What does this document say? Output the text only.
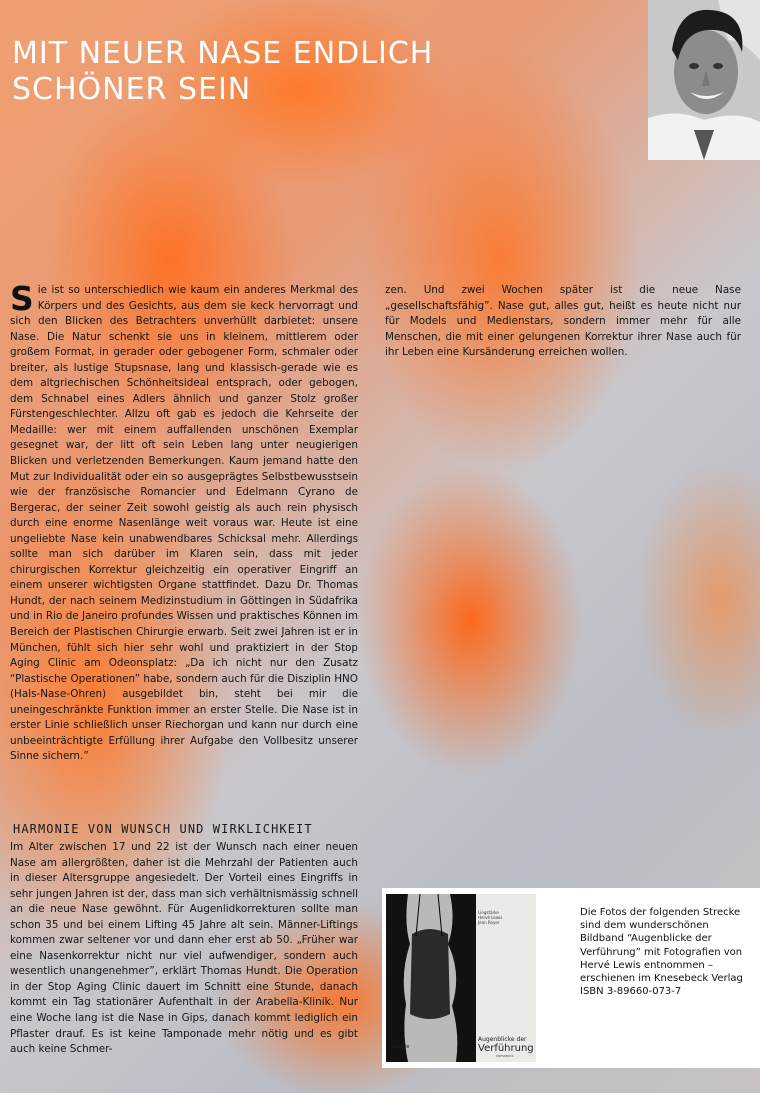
MIT NEUER NASE ENDLICH
SCHÖNER SEIN
Sie ist so unterschiedlich wie kaum ein anderes Merkmal des Körpers und des Gesichts, aus dem sie keck hervorragt und sich den Blicken des Betrachters unverhüllt darbietet: unsere Nase. Die Natur schenkt sie uns in kleinem, mittlerem oder großem Format, in gerader oder gebogener Form, schmaler oder breiter, als lustige Stupsnase, lang und klassisch-gerade wie es dem altgriechischen Schönheitsideal entsprach, oder gebogen, dem Schnabel eines Adlers ähnlich und ganzer Stolz großer Fürstengeschlechter. Allzu oft gab es jedoch die Kehrseite der Medaille: wer mit einem auffallenden unschönen Exemplar gesegnet war, der litt oft sein Leben lang unter neugierigen Blicken und verletzenden Bemerkungen. Kaum jemand hatte den Mut zur Individualität oder ein so ausgeprägtes Selbstbewusstsein wie der französische Romancier und Edelmann Cyrano de Bergerac, der seiner Zeit sowohl geistig als auch rein physisch durch eine enorme Nasenlänge weit voraus war. Heute ist eine ungeliebte Nase kein unabwendbares Schicksal mehr. Allerdings sollte man sich darüber im Klaren sein, dass mit jeder chirurgischen Korrektur gleichzeitig ein operativer Eingriff an einem unserer wichtigsten Organe stattfindet. Dazu Dr. Thomas Hundt, der nach seinem Medizinstudium in Göttingen in Südafrika und in Rio de Janeiro profundes Wissen und praktisches Können im Bereich der Plastischen Chirurgie erwarb. Seit zwei Jahren ist er in München, fühlt sich hier sehr wohl und praktiziert in der Stop Aging Clinic am Odeonsplatz: „Da ich nicht nur den Zusatz “Plastische Operationen” habe, sondern auch für die Disziplin HNO (Hals-Nase-Ohren) ausgebildet bin, steht bei mir die uneingeschränkte Funktion immer an erster Stelle. Die Nase ist in erster Linie schließlich unser Riechorgan und kann nur durch eine unbeeinträchtigte Erfüllung ihrer Aufgabe den Vollbesitz unserer Sinne sichern.”
HARMONIE VON WUNSCH UND WIRKLICHKEIT
Im Alter zwischen 17 und 22 ist der Wunsch nach einer neuen Nase am allergrößten, daher ist die Mehrzahl der Patienten auch in dieser Altersgruppe angesiedelt. Der Vorteil eines Eingriffs in sehr jungen Jahren ist der, dass man sich verhältnismässig schnell an die neue Nase gewöhnt. Für Augenlidkorrekturen sollte man schon 35 und bei einem Lifting 45 Jahre alt sein. Männer-Liftings kommen zwar seltener vor und dann eher erst ab 50. „Früher war eine Nasenkorrektur nicht nur viel aufwendiger, sondern auch wesentlich unangenehmer”, erklärt Thomas Hundt. Die Operation in der Stop Aging Clinic dauert im Schnitt eine Stunde, danach kommt ein Tag stationärer Aufenthalt in der Arabella-Klinik. Nur eine Woche lang ist die Nase in Gips, danach kommt lediglich ein Pflaster drauf. Es ist keine Tamponade mehr nötig und es gibt auch keine Schmer-
zen. Und zwei Wochen später ist die neue Nase „gesellschaftsfähig”. Nase gut, alles gut, heißt es heute nicht nur für Models und Medienstars, sondern immer mehr für alle Menschen, die mit einer gelungenen Korrektur ihrer Nase auch für ihr Leben eine Kursänderung erreichen wollen.
Lingstärke
Hervé Lewis
Jean Royer
Augenblicke der
Verführung
Aulade
KNESEBECK

Die Fotos der folgenden Strecke
sind dem wunderschönen
Bildband “Augenblicke der
Verführung” mit Fotografien von
Hervé Lewis entnommen –
erschienen im Knesebeck Verlag
ISBN 3-89660-073-7
